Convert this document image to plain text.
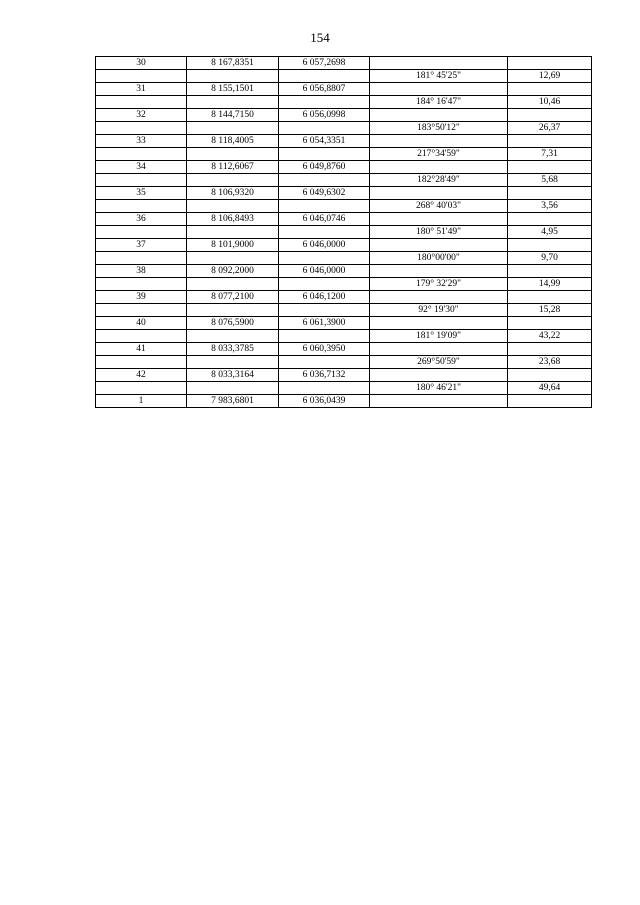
154
30	8 167,8351	6 057,2698		
			181° 45'25"	12,69
31	8 155,1501	6 056,8807		
			184° 16'47"	10,46
32	8 144,7150	6 056,0998		
			183°50'12"	26,37
33	8 118,4005	6 054,3351		
			217°34'59"	7,31
34	8 112,6067	6 049,8760		
			182°28'49"	5,68
35	8 106,9320	6 049,6302		
			268° 40'03"	3,56
36	8 106,8493	6 046,0746		
			180° 51'49"	4,95
37	8 101,9000	6 046,0000		
			180°00'00"	9,70
38	8 092,2000	6 046,0000		
			179° 32'29"	14,99
39	8 077,2100	6 046,1200		
			92° 19'30"	15,28
40	8 076,5900	6 061,3900		
			181° 19'09"	43,22
41	8 033,3785	6 060,3950		
			269°50'59"	23,68
42	8 033,3164	6 036,7132		
			180° 46'21"	49,64
1	7 983,6801	6 036,0439		
